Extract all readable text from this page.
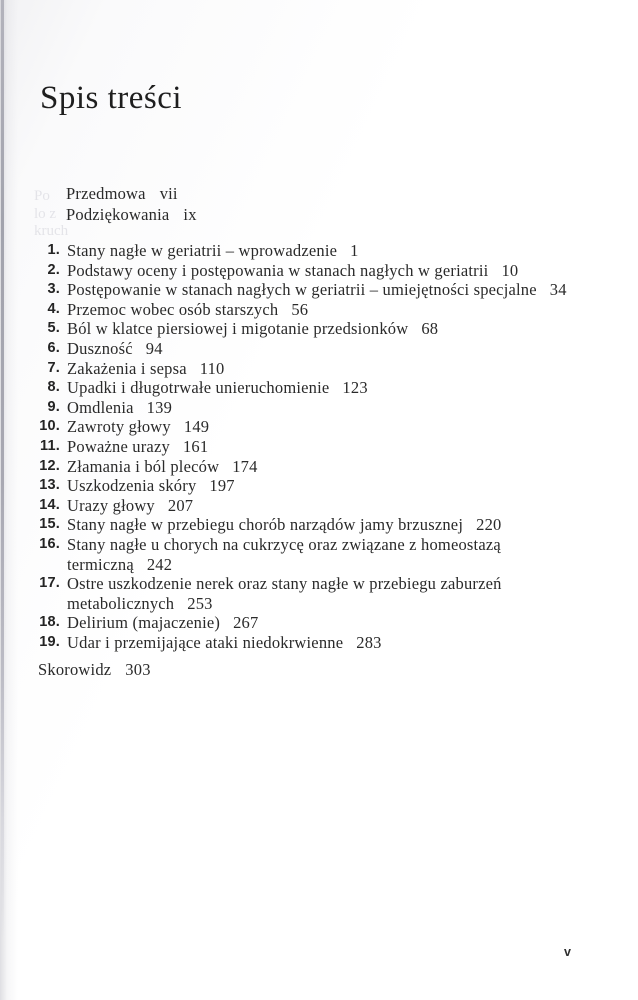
Po
lo z
kruch
Spis treści
Przedmowa vii
Podziękowania ix
1. Stany nagłe w geriatrii – wprowadzenie 1
2. Podstawy oceny i postępowania w stanach nagłych w geriatrii 10
3. Postępowanie w stanach nagłych w geriatrii – umiejętności specjalne 34
4. Przemoc wobec osób starszych 56
5. Ból w klatce piersiowej i migotanie przedsionków 68
6. Duszność 94
7. Zakażenia i sepsa 110
8. Upadki i długotrwałe unieruchomienie 123
9. Omdlenia 139
10. Zawroty głowy 149
11. Poważne urazy 161
12. Złamania i ból pleców 174
13. Uszkodzenia skóry 197
14. Urazy głowy 207
15. Stany nagłe w przebiegu chorób narządów jamy brzusznej 220
16. Stany nagłe u chorych na cukrzycę oraz związane z homeostazą
termiczną 242
17. Ostre uszkodzenie nerek oraz stany nagłe w przebiegu zaburzeń
metabolicznych 253
18. Delirium (majaczenie) 267
19. Udar i przemijające ataki niedokrwienne 283
Skorowidz 303
v
